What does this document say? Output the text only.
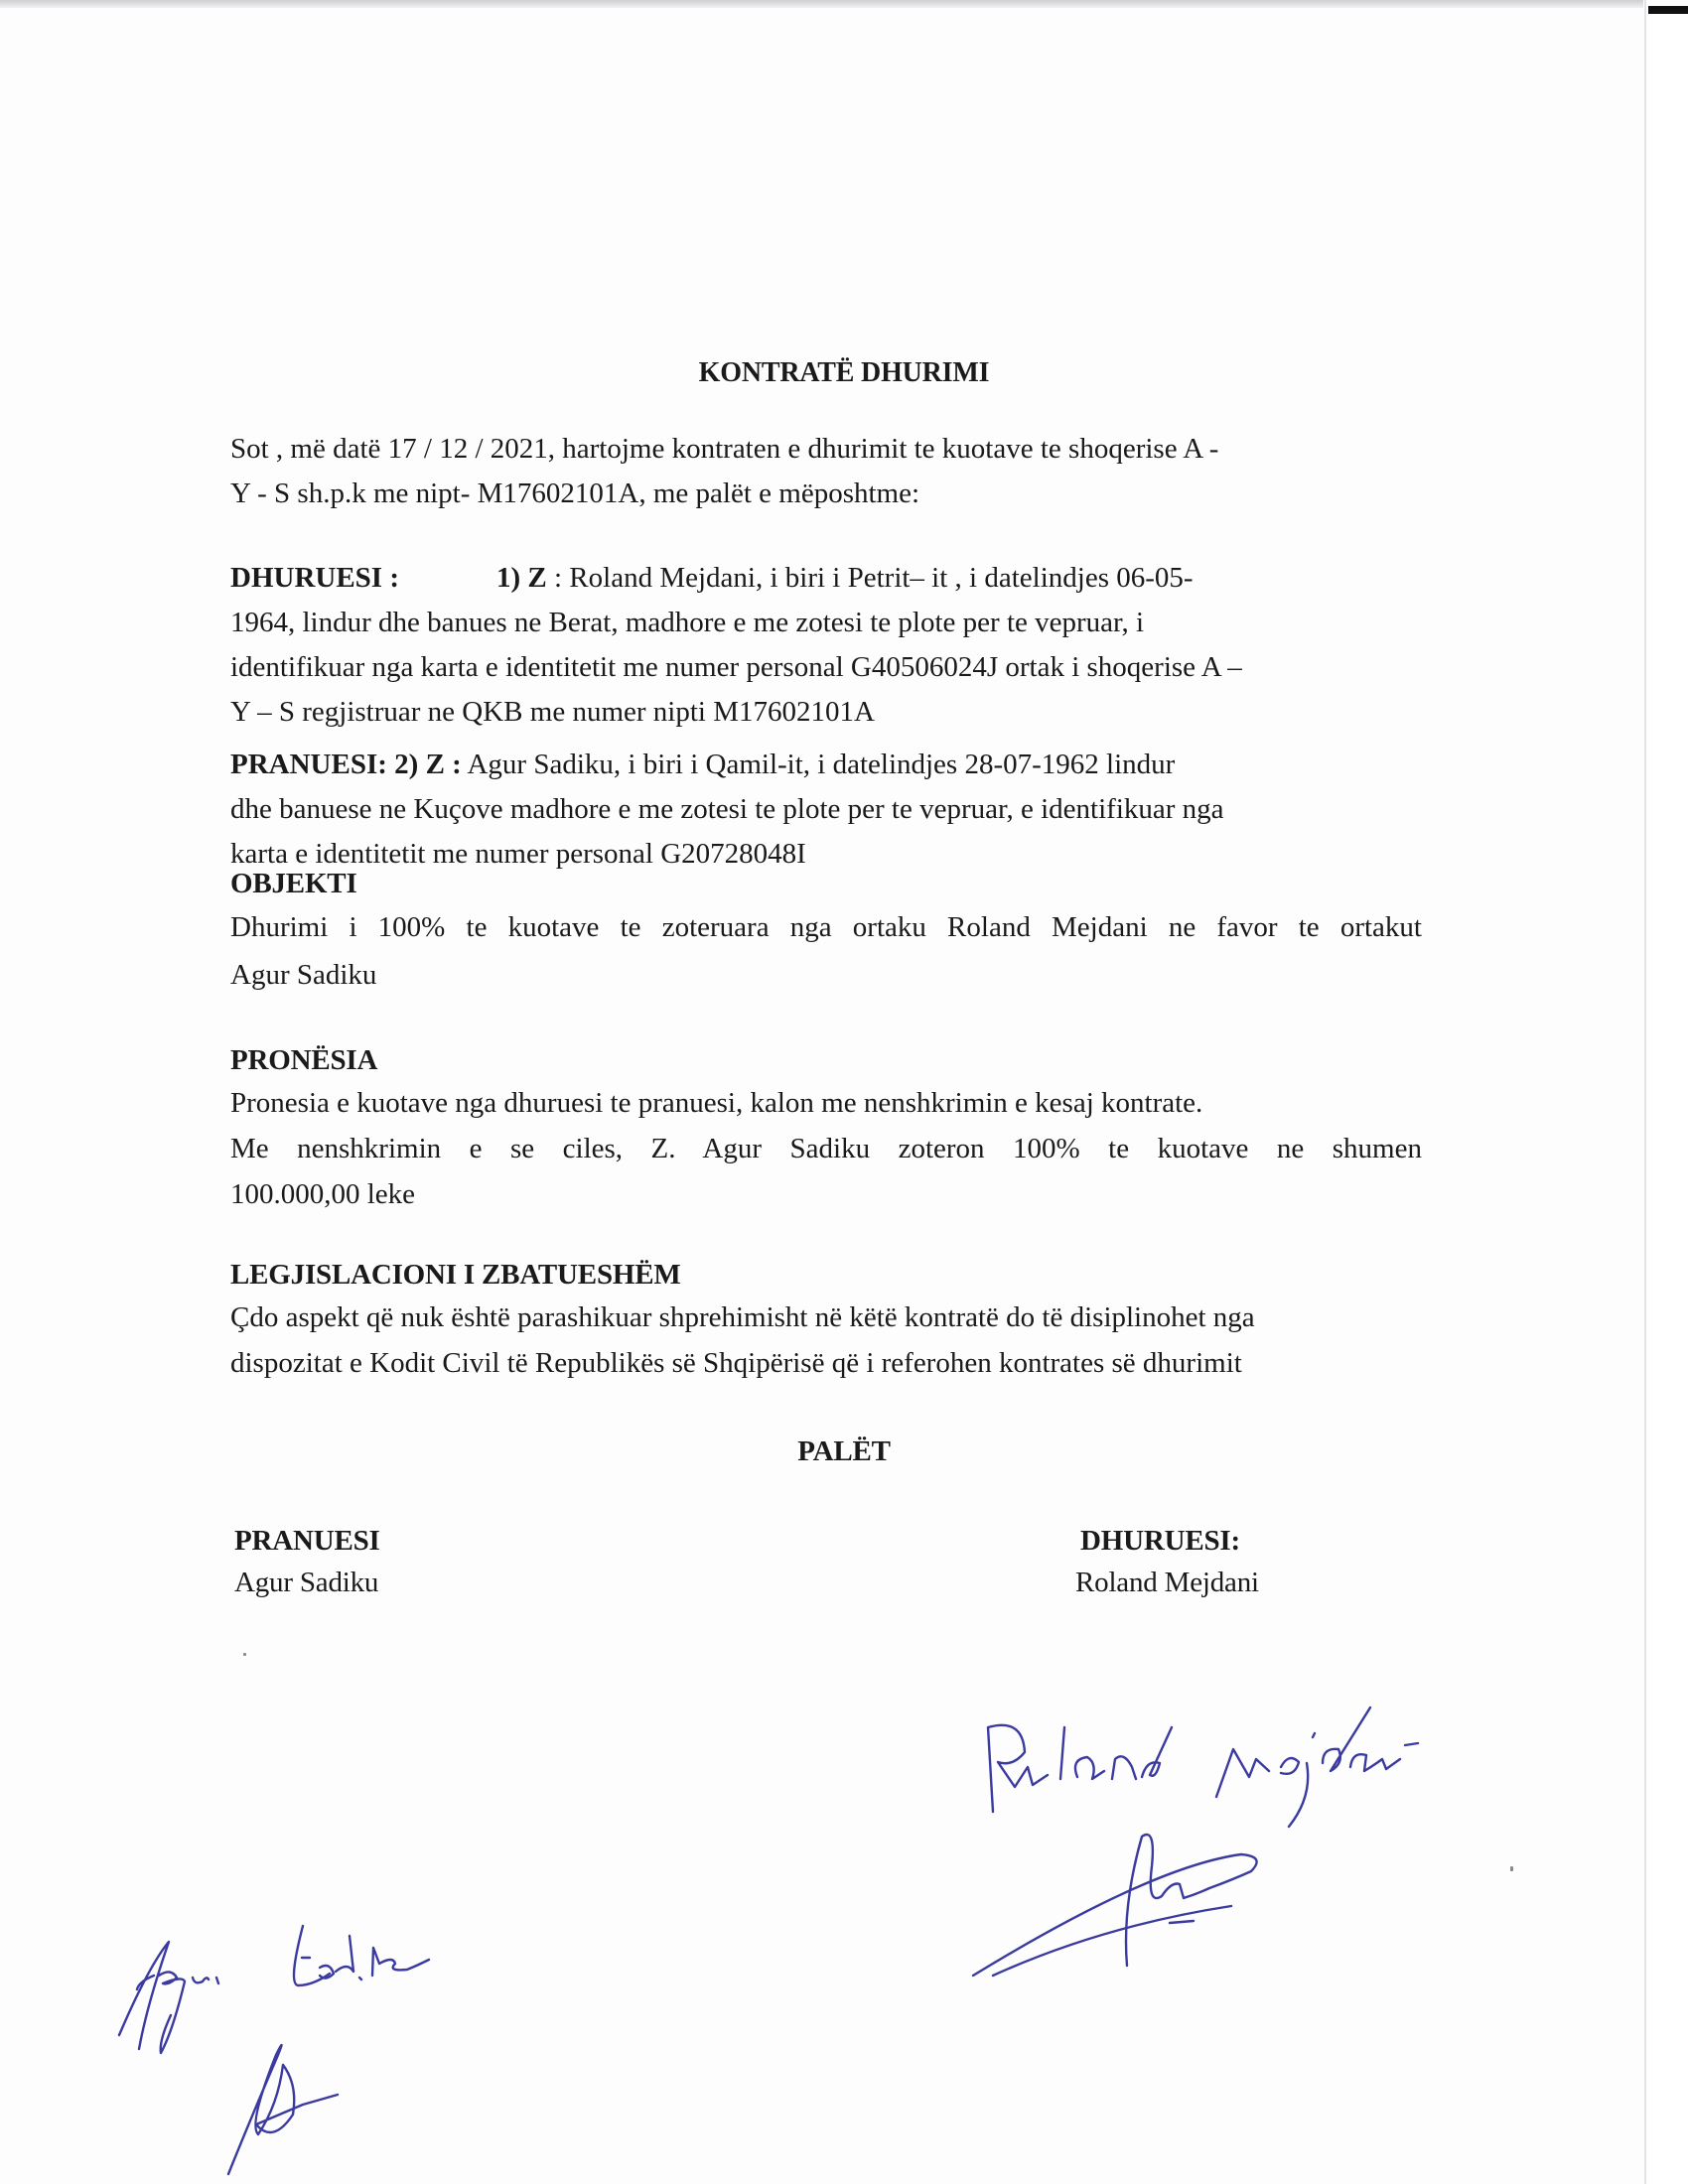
KONTRATË DHURIMI
Sot , më datë 17 / 12 / 2021, hartojme kontraten e dhurimit te kuotave te shoqerise A -
Y - S sh.p.k me nipt- M17602101A, me palët e mëposhtme:
DHURUESI :	1) Z : Roland Mejdani, i biri i Petrit– it , i datelindjes 06-05-
1964, lindur dhe banues ne Berat, madhore e me zotesi te plote per te vepruar, i
identifikuar nga karta e identitetit me numer personal G40506024J ortak i shoqerise A –
Y – S regjistruar ne QKB me numer nipti M17602101A
PRANUESI: 2) Z : Agur Sadiku, i biri i Qamil-it, i datelindjes 28-07-1962 lindur
dhe banuese ne Kuçove madhore e me zotesi te plote per te vepruar, e identifikuar nga
karta e identitetit me numer personal G20728048I
OBJEKTI
Dhurimi i 100% te kuotave te zoteruara nga ortaku Roland Mejdani ne favor te ortakut
Agur Sadiku
PRONËSIA
Pronesia e kuotave nga dhuruesi te pranuesi, kalon me nenshkrimin e kesaj kontrate.
Me nenshkrimin e se ciles, Z. Agur Sadiku zoteron 100% te kuotave ne shumen
100.000,00 leke
LEGJISLACIONI I ZBATUESHËM
Çdo aspekt që nuk është parashikuar shprehimisht në këtë kontratë do të disiplinohet nga
dispozitat e Kodit Civil të Republikës së Shqipërisë që i referohen kontrates së dhurimit
PALËT
PRANUESI
Agur Sadiku
DHURUESI:
Roland Mejdani
